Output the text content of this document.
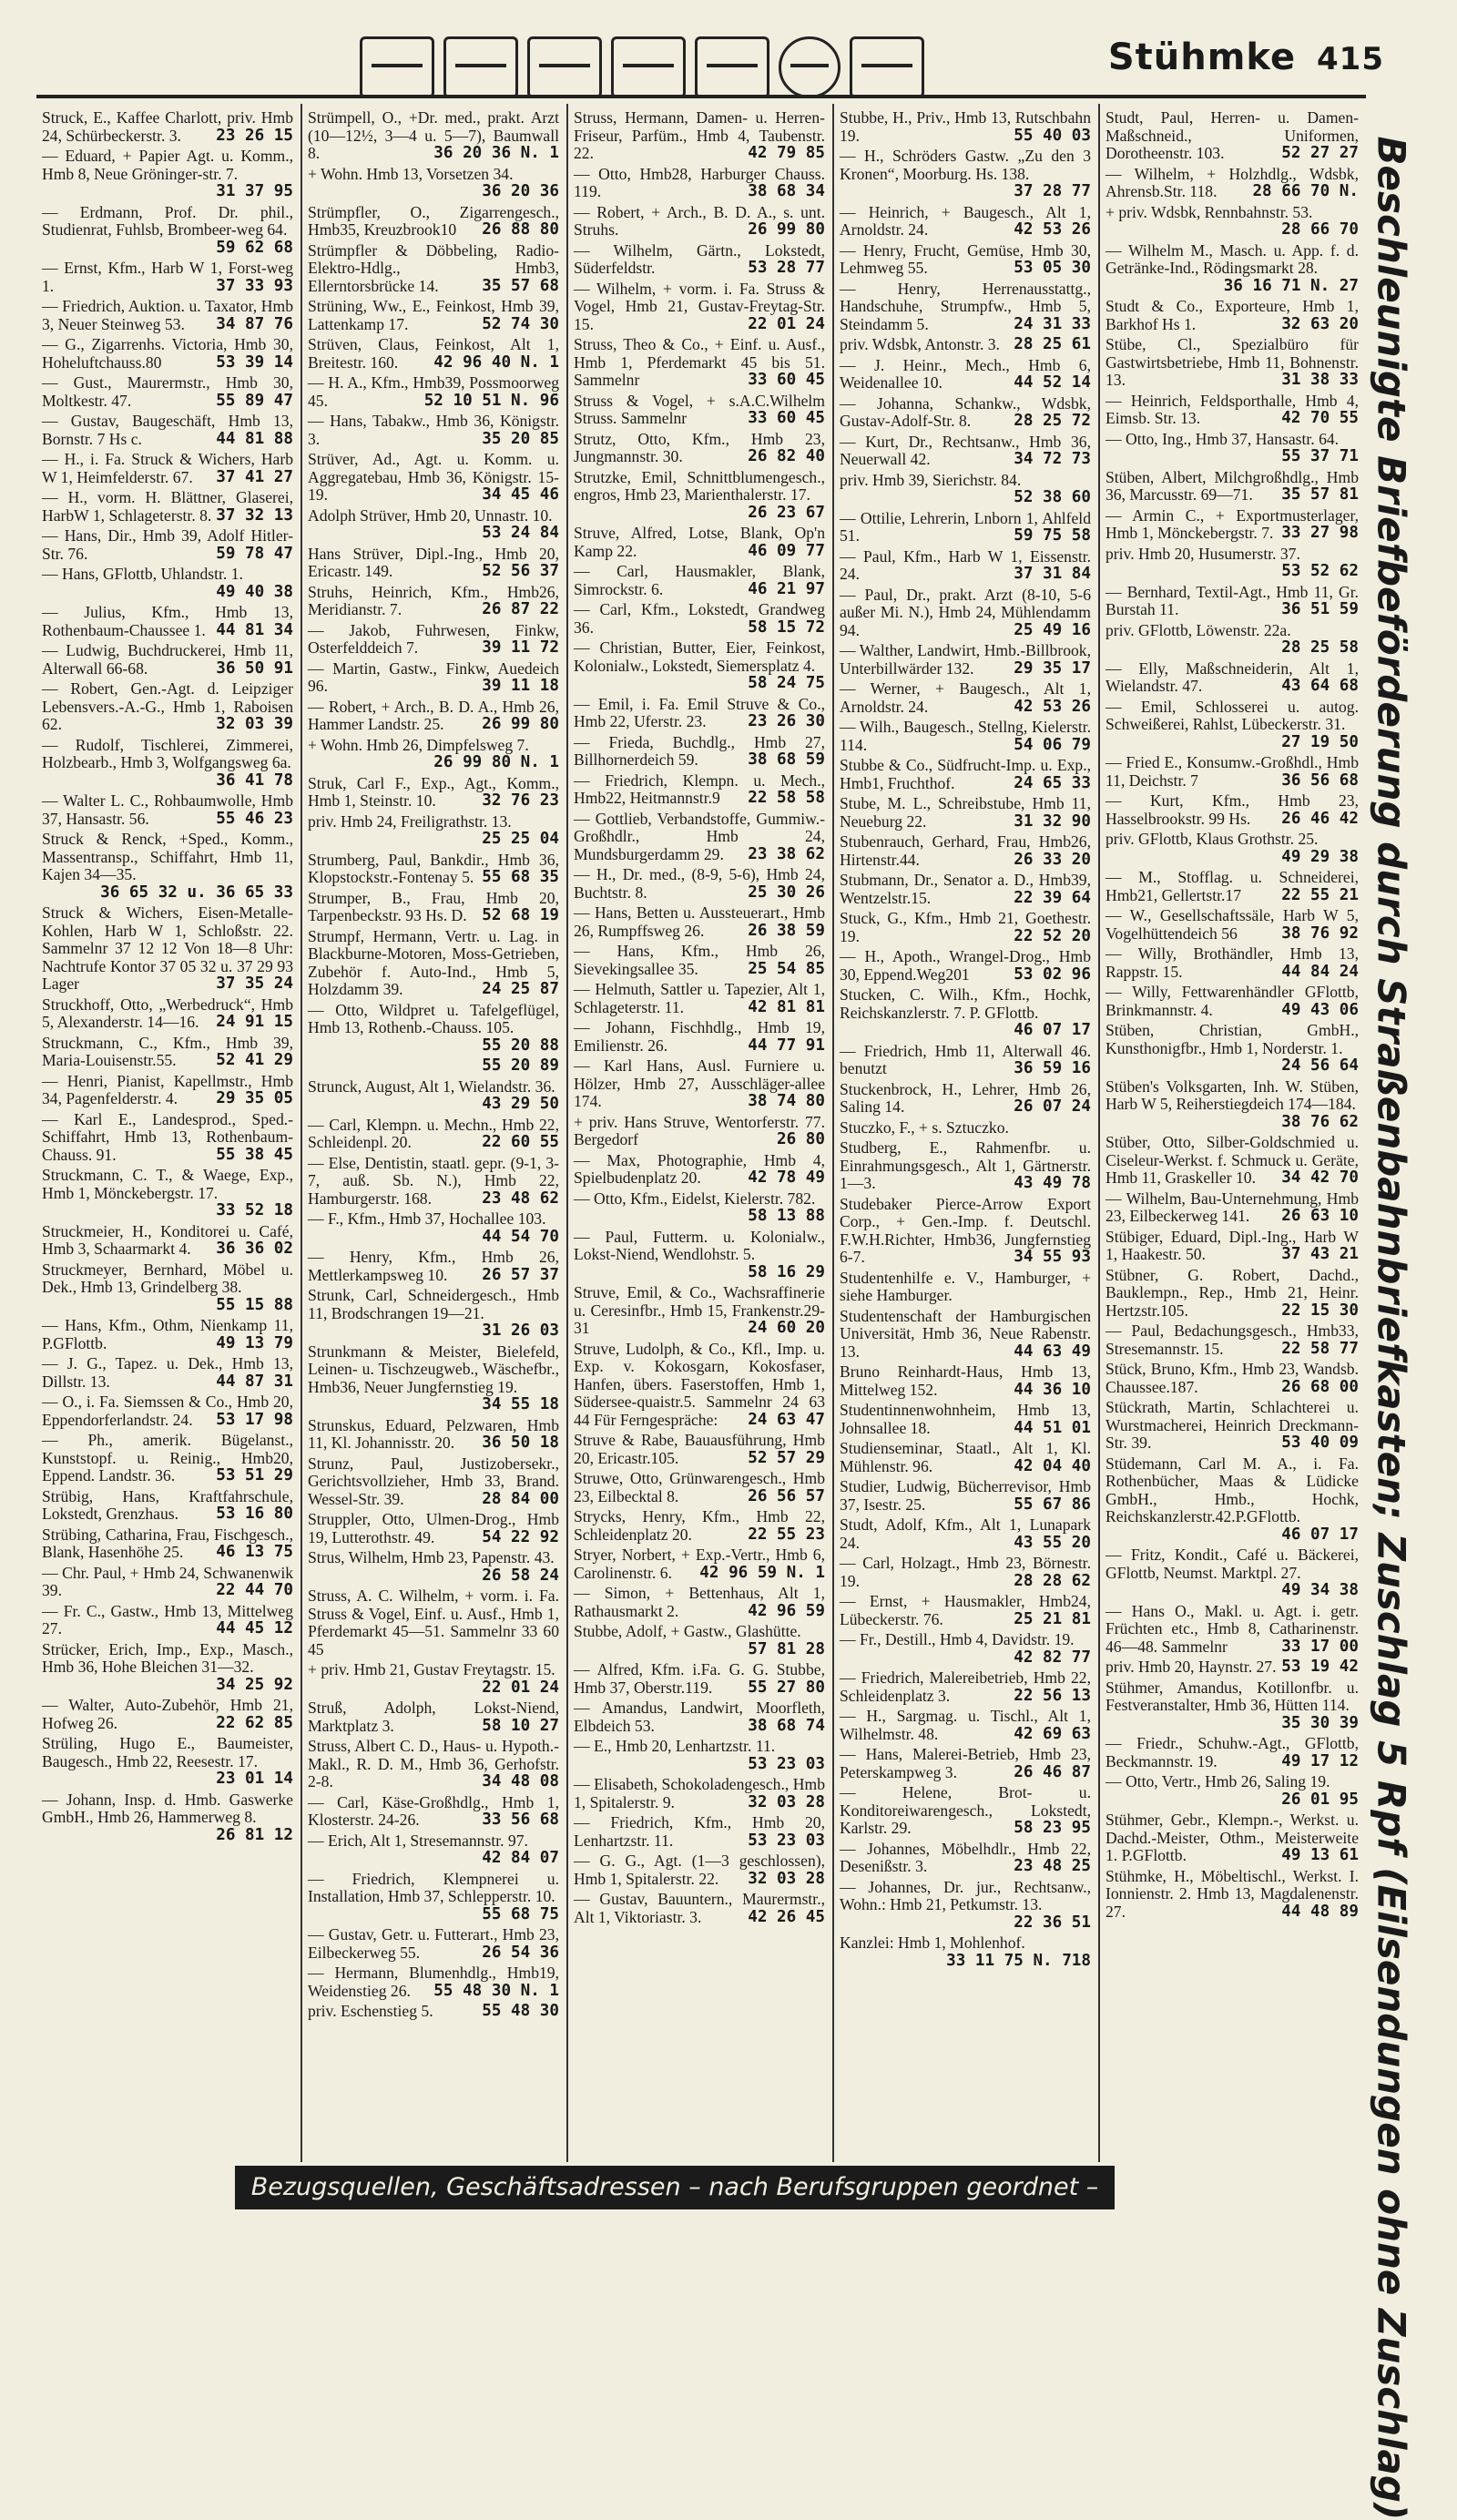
Stühmke 415
Struck, E., Kaffee Charlott, priv. Hmb 24, Schürbeckerstr. 3. 23 26 15
— Eduard, + Papier Agt. u. Komm., Hmb 8, Neue Gröninger-str. 7.
31 37 95
— Erdmann, Prof. Dr. phil., Studienrat, Fuhlsb, Brombeer-weg 64.
59 62 68
— Ernst, Kfm., Harb W 1, Forst-weg 1.	37 33 93
— Friedrich, Auktion. u. Taxator, Hmb 3, Neuer Steinweg 53. 34 87 76
— G., Zigarrenhs. Victoria, Hmb 30, Hoheluftchauss.80	53 39 14
— Gust., Maurermstr., Hmb 30, Moltkestr. 47.	55 89 47
— Gustav, Baugeschäft, Hmb 13, Bornstr. 7 Hs c.	44 81 88
— H., i. Fa. Struck & Wichers, Harb W 1, Heimfelderstr. 67. 37 41 27
— H., vorm. H. Blättner, Glaserei, HarbW 1, Schlageterstr. 8. 37 32 13
— Hans, Dir., Hmb 39, Adolf Hitler-Str. 76.	59 78 47
— Hans, GFlottb, Uhlandstr. 1.
49 40 38
— Julius, Kfm., Hmb 13, Rothenbaum-Chaussee 1. 44 81 34
— Ludwig, Buchdruckerei, Hmb 11, Alterwall 66-68.	36 50 91
— Robert, Gen.-Agt. d. Leipziger Lebensvers.-A.-G., Hmb 1, Raboisen 62.	32 03 39
— Rudolf, Tischlerei, Zimmerei, Holzbearb., Hmb 3, Wolfgangsweg 6a.
36 41 78
— Walter L. C., Rohbaumwolle, Hmb 37, Hansastr. 56.	55 46 23
Struck & Renck, +Sped., Komm., Massentransp., Schiffahrt, Hmb 11, Kajen 34—35.
36 65 32 u. 36 65 33
Struck & Wichers, Eisen-Metalle-Kohlen, Harb W 1, Schloßstr. 22. Sammelnr 37 12 12 Von 18—8 Uhr: Nachtrufe Kontor 37 05 32 u. 37 29 93 Lager	37 35 24
Struckhoff, Otto, „Werbedruck“, Hmb 5, Alexanderstr. 14—16. 24 91 15
Struckmann, C., Kfm., Hmb 39, Maria-Louisenstr.55. 52 41 29
— Henri, Pianist, Kapellmstr., Hmb 34, Pagenfelderstr. 4. 29 35 05
— Karl E., Landesprod., Sped.-Schiffahrt, Hmb 13, Rothenbaum-Chauss. 91.	55 38 45
Struckmann, C. T., & Waege, Exp., Hmb 1, Mönckebergstr. 17.
33 52 18
Struckmeier, H., Konditorei u. Café, Hmb 3, Schaarmarkt 4. 36 36 02
Struckmeyer, Bernhard, Möbel u. Dek., Hmb 13, Grindelberg 38.
55 15 88
— Hans, Kfm., Othm, Nienkamp 11, P.GFlottb.	49 13 79
— J. G., Tapez. u. Dek., Hmb 13, Dillstr. 13.	44 87 31
— O., i. Fa. Siemssen & Co., Hmb 20, Eppendorferlandstr. 24. 53 17 98
— Ph., amerik. Bügelanst., Kunststopf. u. Reinig., Hmb20, Eppend. Landstr. 36.	53 51 29
Strübig, Hans, Kraftfahrschule, Lokstedt, Grenzhaus. 53 16 80
Strübing, Catharina, Frau, Fischgesch., Blank, Hasenhöhe 25. 46 13 75
— Chr. Paul, + Hmb 24, Schwanenwik 39.	22 44 70
— Fr. C., Gastw., Hmb 13, Mittelweg 27.	44 45 12
Strücker, Erich, Imp., Exp., Masch., Hmb 36, Hohe Bleichen 31—32.
34 25 92
— Walter, Auto-Zubehör, Hmb 21, Hofweg 26.	22 62 85
Strüling, Hugo E., Baumeister, Baugesch., Hmb 22, Reesestr. 17.
23 01 14
— Johann, Insp. d. Hmb. Gaswerke GmbH., Hmb 26, Hammerweg 8.
26 81 12
Strümpell, O., +Dr. med., prakt. Arzt (10—12½, 3—4 u. 5—7), Baumwall 8.	36 20 36 N. 1
+ Wohn. Hmb 13, Vorsetzen 34.
36 20 36
Strümpfler, O., Zigarrengesch., Hmb35, Kreuzbrook10 26 88 80
Strümpfler & Döbbeling, Radio-Elektro-Hdlg., Hmb3, Ellerntorsbrücke 14.	35 57 68
Strüning, Ww., E., Feinkost, Hmb 39, Lattenkamp 17.	52 74 30
Strüven, Claus, Feinkost, Alt 1, Breitestr. 160. 42 96 40 N. 1
— H. A., Kfm., Hmb39, Possmoorweg 45.	52 10 51 N. 96
— Hans, Tabakw., Hmb 36, Königstr. 3.	35 20 85
Strüver, Ad., Agt. u. Komm. u. Aggregatebau, Hmb 36, Königstr. 15-19.	34 45 46
Adolph Strüver, Hmb 20, Unnastr. 10.
53 24 84
Hans Strüver, Dipl.-Ing., Hmb 20, Ericastr. 149.	52 56 37
Struhs, Heinrich, Kfm., Hmb26, Meridianstr. 7.	26 87 22
— Jakob, Fuhrwesen, Finkw, Osterfelddeich 7.	39 11 72
— Martin, Gastw., Finkw, Auedeich 96.	39 11 18
— Robert, + Arch., B. D. A., Hmb 26, Hammer Landstr. 25. 26 99 80
+ Wohn. Hmb 26, Dimpfelsweg 7.
26 99 80 N. 1
Struk, Carl F., Exp., Agt., Komm., Hmb 1, Steinstr. 10.	32 76 23
priv. Hmb 24, Freiligrathstr. 13.
25 25 04
Strumberg, Paul, Bankdir., Hmb 36, Klopstockstr.-Fontenay 5. 55 68 35
Strumper, B., Frau, Hmb 20, Tarpenbeckstr. 93 Hs. D. 52 68 19
Strumpf, Hermann, Vertr. u. Lag. in Blackburne-Motoren, Moss-Getrieben, Zubehör f. Auto-Ind., Hmb 5, Holzdamm 39.	24 25 87
— Otto, Wildpret u. Tafelgeflügel, Hmb 13, Rothenb.-Chauss. 105.
55 20 88
55 20 89
Strunck, August, Alt 1, Wielandstr. 36.
43 29 50
— Carl, Klempn. u. Mechn., Hmb 22, Schleidenpl. 20.	22 60 55
— Else, Dentistin, staatl. gepr. (9-1, 3-7, auß. Sb. N.), Hmb 22, Hamburgerstr. 168.	23 48 62
— F., Kfm., Hmb 37, Hochallee 103.
44 54 70
— Henry, Kfm., Hmb 26, Mettlerkampsweg 10. 26 57 37
Strunk, Carl, Schneidergesch., Hmb 11, Brodschrangen 19—21.
31 26 03
Strunkmann & Meister, Bielefeld, Leinen- u. Tischzeugweb., Wäschefbr., Hmb36, Neuer Jungfernstieg 19.
34 55 18
Strunskus, Eduard, Pelzwaren, Hmb 11, Kl. Johannisstr. 20. 36 50 18
Strunz, Paul, Justizobersekr., Gerichtsvollzieher, Hmb 33, Brand. Wessel-Str. 39.	28 84 00
Struppler, Otto, Ulmen-Drog., Hmb 19, Lutterothstr. 49.	54 22 92
Strus, Wilhelm, Hmb 23, Papenstr. 43.
26 58 24
Struss, A. C. Wilhelm, + vorm. i. Fa. Struss & Vogel, Einf. u. Ausf., Hmb 1, Pferdemarkt 45—51. Sammelnr 33 60 45
+ priv. Hmb 21, Gustav Freytagstr. 15.
22 01 24
Struß, Adolph, Lokst-Niend, Marktplatz 3.	58 10 27
Struss, Albert C. D., Haus- u. Hypoth.-Makl., R. D. M., Hmb 36, Gerhofstr. 2-8.	34 48 08
— Carl, Käse-Großhdlg., Hmb 1, Klosterstr. 24-26.	33 56 68
— Erich, Alt 1, Stresemannstr. 97.
42 84 07
— Friedrich, Klempnerei u. Installation, Hmb 37, Schlepperstr. 10.
55 68 75
— Gustav, Getr. u. Futterart., Hmb 23, Eilbeckerweg 55.	26 54 36
— Hermann, Blumenhdlg., Hmb19, Weidenstieg 26. 55 48 30 N. 1
priv. Eschenstieg 5.	55 48 30
Struss, Hermann, Damen- u. Herren-Friseur, Parfüm., Hmb 4, Taubenstr. 22.	42 79 85
— Otto, Hmb28, Harburger Chauss. 119.	38 68 34
— Robert, + Arch., B. D. A., s. unt. Struhs.	26 99 80
— Wilhelm, Gärtn., Lokstedt, Süderfeldstr.	53 28 77
— Wilhelm, + vorm. i. Fa. Struss & Vogel, Hmb 21, Gustav-Freytag-Str. 15.	22 01 24
Struss, Theo & Co., + Einf. u. Ausf., Hmb 1, Pferdemarkt 45 bis 51. Sammelnr	33 60 45
Struss & Vogel, + s.A.C.Wilhelm Struss. Sammelnr	33 60 45
Strutz, Otto, Kfm., Hmb 23, Jungmannstr. 30.	26 82 40
Strutzke, Emil, Schnittblumengesch., engros, Hmb 23, Marienthalerstr. 17.
26 23 67
Struve, Alfred, Lotse, Blank, Op'n Kamp 22.	46 09 77
— Carl, Hausmakler, Blank, Simrockstr. 6.	46 21 97
— Carl, Kfm., Lokstedt, Grandweg 36.	58 15 72
— Christian, Butter, Eier, Feinkost, Kolonialw., Lokstedt, Siemersplatz 4.
58 24 75
— Emil, i. Fa. Emil Struve & Co., Hmb 22, Uferstr. 23.	23 26 30
— Frieda, Buchdlg., Hmb 27, Billhornerdeich 59.	38 68 59
— Friedrich, Klempn. u. Mech., Hmb22, Heitmannstr.9 22 58 58
— Gottlieb, Verbandstoffe, Gummiw.-Großhdlr., Hmb 24, Mundsburgerdamm 29. 23 38 62
— H., Dr. med., (8-9, 5-6), Hmb 24, Buchtstr. 8.	25 30 26
— Hans, Betten u. Aussteuerart., Hmb 26, Rumpffsweg 26.	26 38 59
— Hans, Kfm., Hmb 26, Sievekingsallee 35.	25 54 85
— Helmuth, Sattler u. Tapezier, Alt 1, Schlageterstr. 11.	42 81 81
— Johann, Fischhdlg., Hmb 19, Emilienstr. 26.	44 77 91
— Karl Hans, Ausl. Furniere u. Hölzer, Hmb 27, Ausschläger-allee 174.	38 74 80
+ priv. Hans Struve, Wentorferstr. 77. Bergedorf	26 80
— Max, Photographie, Hmb 4, Spielbudenplatz 20.	42 78 49
— Otto, Kfm., Eidelst, Kielerstr. 782.
58 13 88
— Paul, Futterm. u. Kolonialw., Lokst-Niend, Wendlohstr. 5.
58 16 29
Struve, Emil, & Co., Wachsraffinerie u. Ceresinfbr., Hmb 15, Frankenstr.29-31	24 60 20
Struve, Ludolph, & Co., Kfl., Imp. u. Exp. v. Kokosgarn, Kokosfaser, Hanfen, übers. Faserstoffen, Hmb 1, Südersee-quaistr.5. Sammelnr 24 63 44 Für Ferngespräche: 24 63 47
Struve & Rabe, Bauausführung, Hmb 20, Ericastr.105.	52 57 29
Struwe, Otto, Grünwarengesch., Hmb 23, Eilbecktal 8.	26 56 57
Strycks, Henry, Kfm., Hmb 22, Schleidenplatz 20.	22 55 23
Stryer, Norbert, + Exp.-Vertr., Hmb 6, Carolinenstr. 6. 42 96 59 N. 1
— Simon, + Bettenhaus, Alt 1, Rathausmarkt 2.	42 96 59
Stubbe, Adolf, + Gastw., Glashütte.
57 81 28
— Alfred, Kfm. i.Fa. G. G. Stubbe, Hmb 37, Oberstr.119. 55 27 80
— Amandus, Landwirt, Moorfleth, Elbdeich 53.	38 68 74
— E., Hmb 20, Lenhartzstr. 11.
53 23 03
— Elisabeth, Schokoladengesch., Hmb 1, Spitalerstr. 9.	32 03 28
— Friedrich, Kfm., Hmb 20, Lenhartzstr. 11.	53 23 03
— G. G., Agt. (1—3 geschlossen), Hmb 1, Spitalerstr. 22. 32 03 28
— Gustav, Bauuntern., Maurermstr., Alt 1, Viktoriastr. 3.	42 26 45
Stubbe, H., Priv., Hmb 13, Rutschbahn 19.	55 40 03
— H., Schröders Gastw. „Zu den 3 Kronen“, Moorburg. Hs. 138.
37 28 77
— Heinrich, + Baugesch., Alt 1, Arnoldstr. 24.	42 53 26
— Henry, Frucht, Gemüse, Hmb 30, Lehmweg 55.	53 05 30
— Henry, Herrenausstattg., Handschuhe, Strumpfw., Hmb 5, Steindamm 5.	24 31 33
priv. Wdsbk, Antonstr. 3. 28 25 61
— J. Heinr., Mech., Hmb 6, Weidenallee 10.	44 52 14
— Johanna, Schankw., Wdsbk, Gustav-Adolf-Str. 8.	28 25 72
— Kurt, Dr., Rechtsanw., Hmb 36, Neuerwall 42.	34 72 73
priv. Hmb 39, Sierichstr. 84.
52 38 60
— Ottilie, Lehrerin, Lnborn 1, Ahlfeld 51.	59 75 58
— Paul, Kfm., Harb W 1, Eissenstr. 24.	37 31 84
— Paul, Dr., prakt. Arzt (8-10, 5-6 außer Mi. N.), Hmb 24, Mühlendamm 94.	25 49 16
— Walther, Landwirt, Hmb.-Billbrook, Unterbillwärder 132. 29 35 17
— Werner, + Baugesch., Alt 1, Arnoldstr. 24.	42 53 26
— Wilh., Baugesch., Stellng, Kielerstr. 114.	54 06 79
Stubbe & Co., Südfrucht-Imp. u. Exp., Hmb1, Fruchthof.	24 65 33
Stube, M. L., Schreibstube, Hmb 11, Neueburg 22.	31 32 90
Stubenrauch, Gerhard, Frau, Hmb26, Hirtenstr.44.	26 33 20
Stubmann, Dr., Senator a. D., Hmb39, Wentzelstr.15.	22 39 64
Stuck, G., Kfm., Hmb 21, Goethestr. 19.	22 52 20
— H., Apoth., Wrangel-Drog., Hmb 30, Eppend.Weg201	53 02 96
Stucken, C. Wilh., Kfm., Hochk, Reichskanzlerstr. 7. P. GFlottb.
46 07 17
— Friedrich, Hmb 11, Alterwall 46. benutzt	36 59 16
Stuckenbrock, H., Lehrer, Hmb 26, Saling 14.	26 07 24
Stuczko, F., + s. Sztuczko.
Studberg, E., Rahmenfbr. u. Einrahmungsgesch., Alt 1, Gärtnerstr. 1—3.	43 49 78
Studebaker Pierce-Arrow Export Corp., + Gen.-Imp. f. Deutschl. F.W.H.Richter, Hmb36, Jungfernstieg 6-7.	34 55 93
Studentenhilfe e. V., Hamburger, + siehe Hamburger.
Studentenschaft der Hamburgischen Universität, Hmb 36, Neue Rabenstr. 13.	44 63 49
Bruno Reinhardt-Haus, Hmb 13, Mittelweg 152.	44 36 10
Studentinnenwohnheim, Hmb 13, Johnsallee 18.	44 51 01
Studienseminar, Staatl., Alt 1, Kl. Mühlenstr. 96.	42 04 40
Studier, Ludwig, Bücherrevisor, Hmb 37, Isestr. 25.	55 67 86
Studt, Adolf, Kfm., Alt 1, Lunapark 24.	43 55 20
— Carl, Holzagt., Hmb 23, Börnestr. 19.	28 28 62
— Ernst, + Hausmakler, Hmb24, Lübeckerstr. 76.	25 21 81
— Fr., Destill., Hmb 4, Davidstr. 19.
42 82 77
— Friedrich, Malereibetrieb, Hmb 22, Schleidenplatz 3.	22 56 13
— H., Sargmag. u. Tischl., Alt 1, Wilhelmstr. 48.	42 69 63
— Hans, Malerei-Betrieb, Hmb 23, Peterskampweg 3.	26 46 87
— Helene, Brot- u. Konditoreiwarengesch., Lokstedt, Karlstr. 29.	58 23 95
— Johannes, Möbelhdlr., Hmb 22, Desenißstr. 3.	23 48 25
— Johannes, Dr. jur., Rechtsanw., Wohn.: Hmb 21, Petkumstr. 13.
22 36 51
Kanzlei: Hmb 1, Mohlenhof.
33 11 75 N. 718
Studt, Paul, Herren- u. Damen-Maßschneid., Uniformen, Dorotheenstr. 103.	52 27 27
— Wilhelm, + Holzhdlg., Wdsbk, Ahrensb.Str. 118. 28 66 70 N.
+ priv. Wdsbk, Rennbahnstr. 53.
28 66 70
— Wilhelm M., Masch. u. App. f. d. Getränke-Ind., Rödingsmarkt 28.
36 16 71 N. 27
Studt & Co., Exporteure, Hmb 1, Barkhof Hs 1.	32 63 20
Stübe, Cl., Spezialbüro für Gastwirtsbetriebe, Hmb 11, Bohnenstr. 13.	31 38 33
— Heinrich, Feldsporthalle, Hmb 4, Eimsb. Str. 13.	42 70 55
— Otto, Ing., Hmb 37, Hansastr. 64.
55 37 71
Stüben, Albert, Milchgroßhdlg., Hmb 36, Marcusstr. 69—71. 35 57 81
— Armin C., + Exportmusterlager, Hmb 1, Mönckebergstr. 7. 33 27 98
priv. Hmb 20, Husumerstr. 37.
53 52 62
— Bernhard, Textil-Agt., Hmb 11, Gr. Burstah 11.	36 51 59
priv. GFlottb, Löwenstr. 22a.
28 25 58
— Elly, Maßschneiderin, Alt 1, Wielandstr. 47.	43 64 68
— Emil, Schlosserei u. autog. Schweißerei, Rahlst, Lübeckerstr. 31.
27 19 50
— Fried E., Konsumw.-Großhdl., Hmb 11, Deichstr. 7	36 56 68
— Kurt, Kfm., Hmb 23, Hasselbrookstr. 99 Hs. 26 46 42
priv. GFlottb, Klaus Grothstr. 25.
49 29 38
— M., Stofflag. u. Schneiderei, Hmb21, Gellertstr.17	22 55 21
— W., Gesellschaftssäle, Harb W 5, Vogelhüttendeich 56	38 76 92
— Willy, Brothändler, Hmb 13, Rappstr. 15.	44 84 24
— Willy, Fettwarenhändler GFlottb, Brinkmannstr. 4.	49 43 06
Stüben, Christian, GmbH., Kunsthonigfbr., Hmb 1, Norderstr. 1.
24 56 64
Stüben's Volksgarten, Inh. W. Stüben, Harb W 5, Reiherstiegdeich 174—184.
38 76 62
Stüber, Otto, Silber-Goldschmied u. Ciseleur-Werkst. f. Schmuck u. Geräte, Hmb 11, Graskeller 10. 34 42 70
— Wilhelm, Bau-Unternehmung, Hmb 23, Eilbeckerweg 141. 26 63 10
Stübiger, Eduard, Dipl.-Ing., Harb W 1, Haakestr. 50.	37 43 21
Stübner, G. Robert, Dachd., Bauklempn., Rep., Hmb 21, Heinr. Hertzstr.105.	22 15 30
— Paul, Bedachungsgesch., Hmb33, Stresemannstr. 15.	22 58 77
Stück, Bruno, Kfm., Hmb 23, Wandsb. Chaussee.187.	26 68 00
Stückrath, Martin, Schlachterei u. Wurstmacherei, Heinrich Dreckmann-Str. 39.	53 40 09
Stüdemann, Carl M. A., i. Fa. Rothenbücher, Maas & Lüdicke GmbH., Hmb., Hochk, Reichskanzlerstr.42.P.GFlottb.
46 07 17
— Fritz, Kondit., Café u. Bäckerei, GFlottb, Neumst. Marktpl. 27.
49 34 38
— Hans O., Makl. u. Agt. i. getr. Früchten etc., Hmb 8, Catharinenstr. 46—48. Sammelnr	33 17 00
priv. Hmb 20, Haynstr. 27. 53 19 42
Stühmer, Amandus, Kotillonfbr. u. Festveranstalter, Hmb 36, Hütten 114.
35 30 39
— Friedr., Schuhw.-Agt., GFlottb, Beckmannstr. 19.	49 17 12
— Otto, Vertr., Hmb 26, Saling 19.
26 01 95
Stühmer, Gebr., Klempn.-, Werkst. u. Dachd.-Meister, Othm., Meisterweite 1. P.GFlottb.	49 13 61
Stühmke, H., Möbeltischl., Werkst. I. Ionnienstr. 2. Hmb 13, Magdalenenstr. 27.	44 48 89 Beschleunigte Briefbeförderung durch Straßenbahnbriefkasten; Zuschlag 5 Rpf (Eilsendungen ohne Zuschlag)
Bezugsquellen, Geschäftsadressen – nach Berufsgruppen geordnet – am Ende des Buches
